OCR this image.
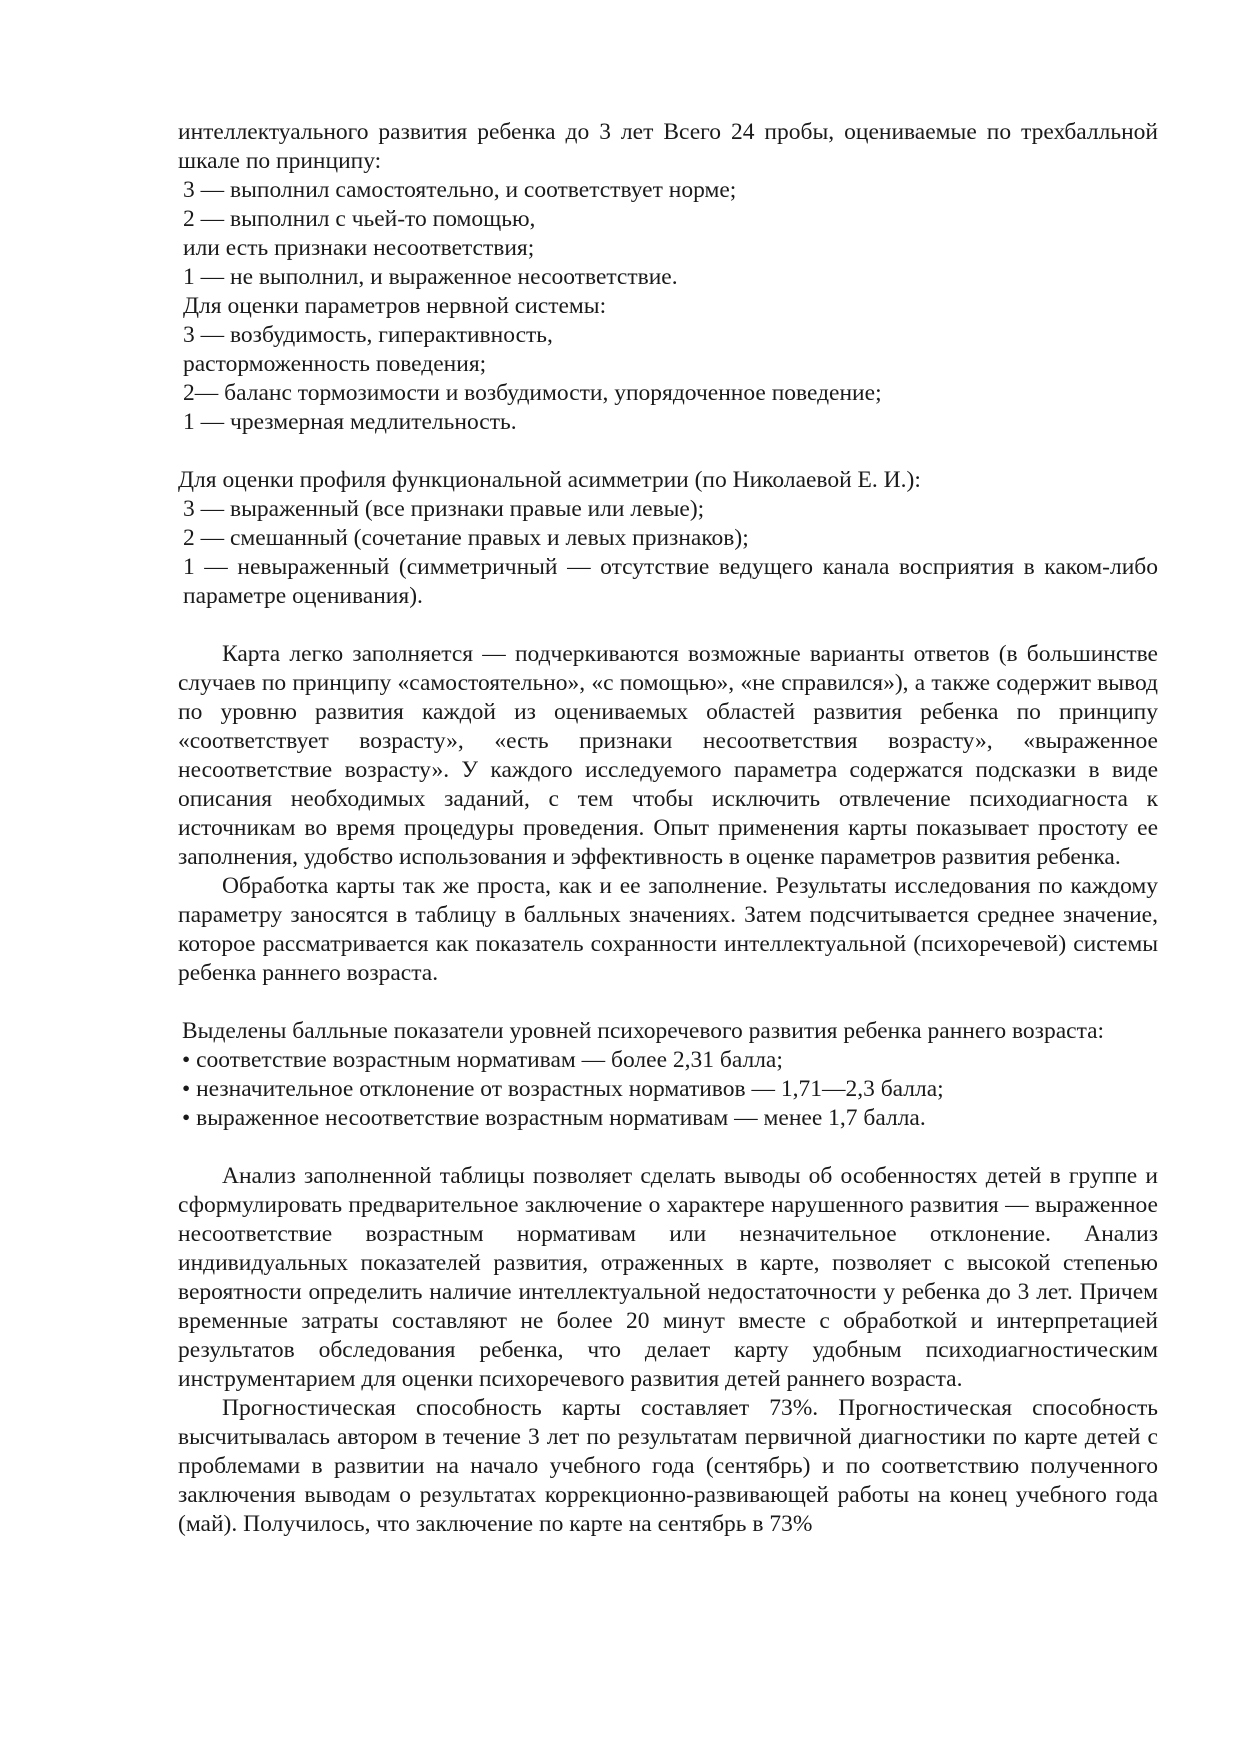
интеллектуального развития ребенка до 3 лет Всего 24 пробы, оцениваемые по трехбалльной шкале по принципу:

3 — выполнил самостоятельно, и соответствует норме;
2 — выполнил с чьей-то помощью,
или есть признаки несоответствия;
1 — не выполнил, и выраженное несоответствие.
Для оценки параметров нервной системы:
3 — возбудимость, гиперактивность,
расторможенность поведения;
2— баланс тормозимости и возбудимости, упорядоченное поведение;
1 — чрезмерная медлительность.
Для оценки профиля функциональной асимметрии (по Николаевой Е. И.):
3 — выраженный (все признаки правые или левые);
2 — смешанный (сочетание правых и левых признаков);

1 — невыраженный (симметричный — отсутствие ведущего канала восприятия в каком-либо параметре оценивания).

Карта легко заполняется — подчеркиваются возможные варианты ответов (в большинстве случаев по принципу «самостоятельно», «с помощью», «не справился»), а также содержит вывод по уровню развития каждой из оцениваемых областей развития ребенка по принципу «соответствует возрасту», «есть признаки несоответствия возрасту», «выраженное несоответствие возрасту». У каждого исследуемого параметра содержатся подсказки в виде описания необходимых заданий, с тем чтобы исключить отвлечение психодиагноста к источникам во время процедуры проведения. Опыт применения карты показывает простоту ее заполнения, удобство использования и эффективность в оценке параметров развития ребенка.

Обработка карты так же проста, как и ее заполнение. Результаты исследования по каждому параметру заносятся в таблицу в балльных значениях. Затем подсчитывается среднее значение, которое рассматривается как показатель сохранности интеллектуальной (психоречевой) системы ребенка раннего возраста.

Выделены балльные показатели уровней психоречевого развития ребенка раннего возраста:

• соответствие возрастным нормативам — более 2,31 балла;
• незначительное отклонение от возрастных нормативов — 1,71—2,3 балла;
• выраженное несоответствие возрастным нормативам — менее 1,7 балла.

Анализ заполненной таблицы позволяет сделать выводы об особенностях детей в группе и сформулировать предварительное заключение о характере нарушенного развития — выраженное несоответствие возрастным нормативам или незначительное отклонение. Анализ индивидуальных показателей развития, отраженных в карте, позволяет с высокой степенью вероятности определить наличие интеллектуальной недостаточности у ребенка до 3 лет. Причем временные затраты составляют не более 20 минут вместе с обработкой и интерпретацией результатов обследования ребенка, что делает карту удобным психодиагностическим инструментарием для оценки психоречевого развития детей раннего возраста.

Прогностическая способность карты составляет 73%. Прогностическая способность высчитывалась автором в течение 3 лет по результатам первичной диагностики по карте детей с проблемами в развитии на начало учебного года (сентябрь) и по соответствию полученного заключения выводам о результатах коррекционно-развивающей работы на конец учебного года (май). Получилось, что заключение по карте на сентябрь в 73%
